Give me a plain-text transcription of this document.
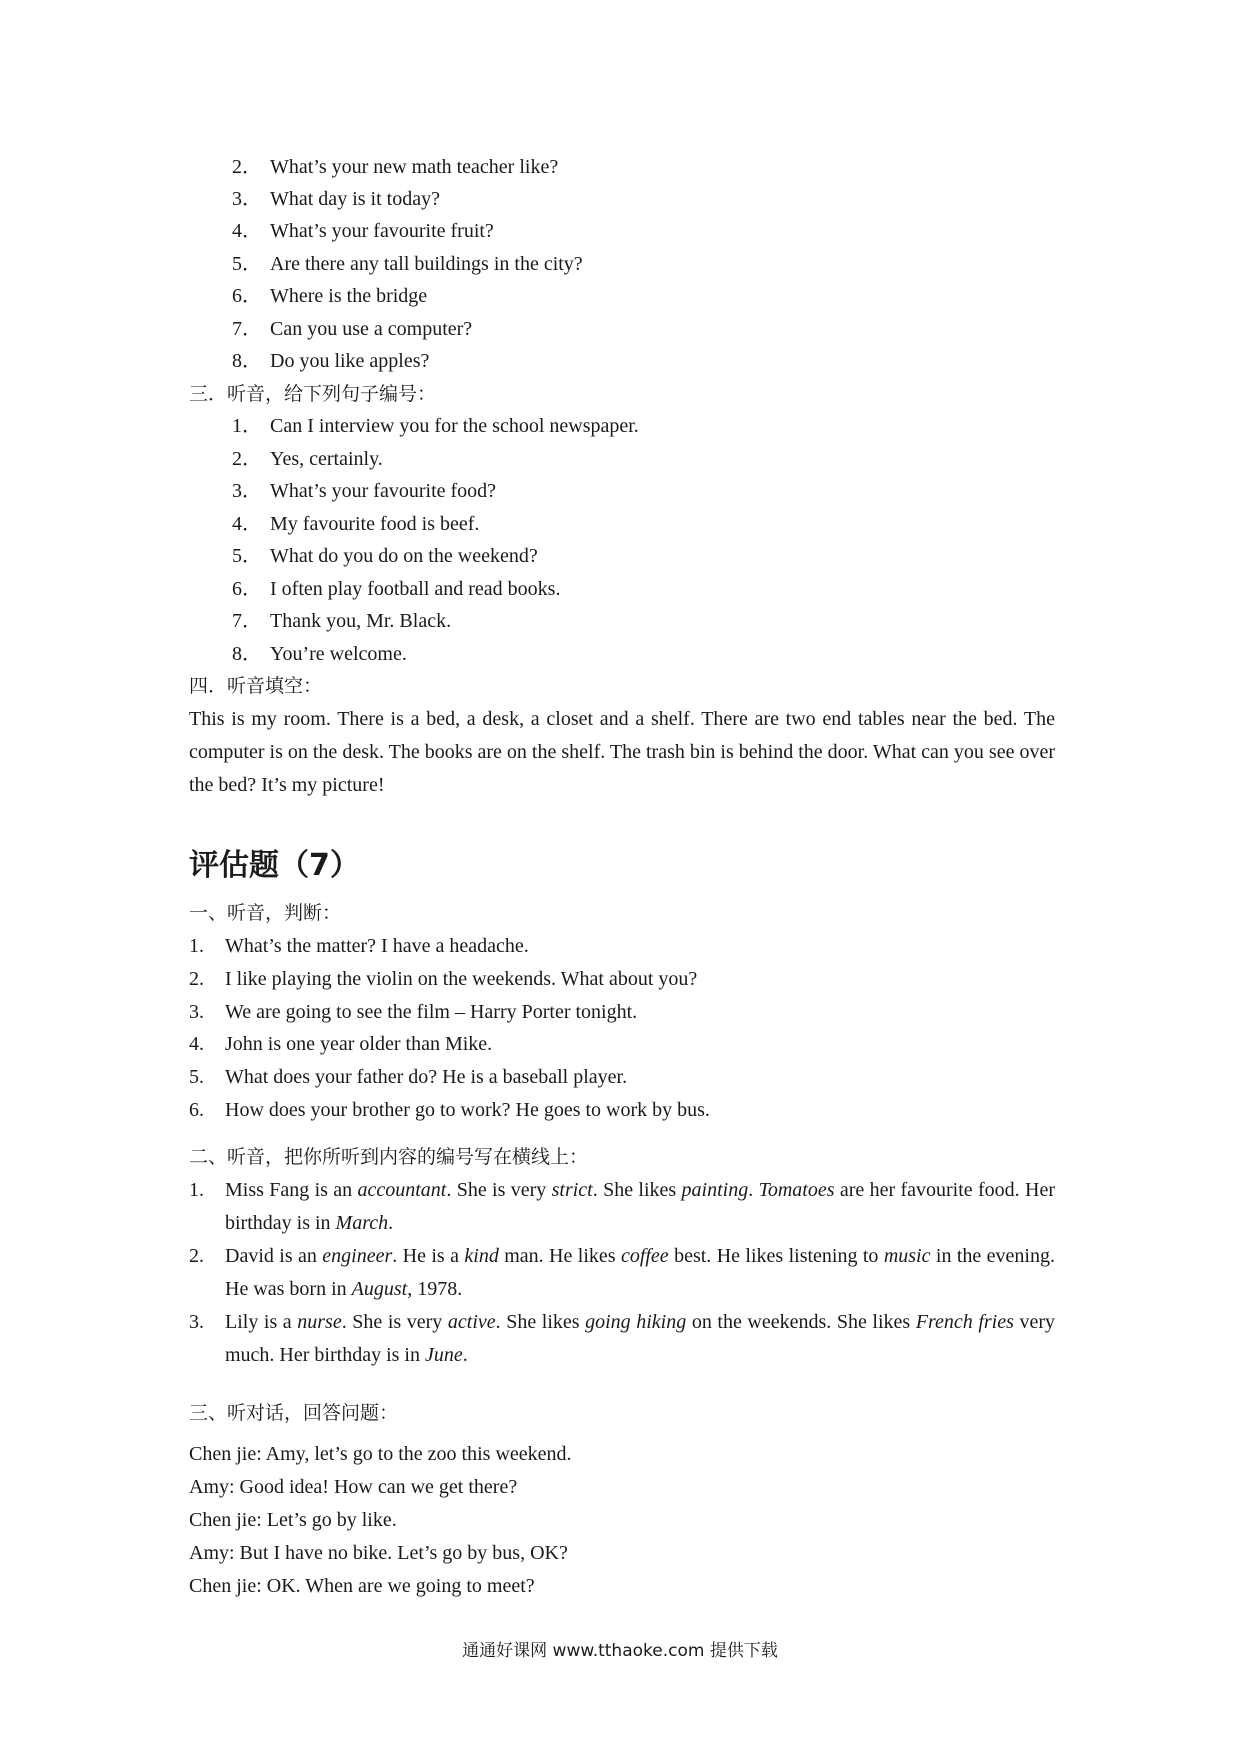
2． What’s your new math teacher like?
3． What day is it today?
4． What’s your favourite fruit?
5． Are there any tall buildings in the city?
6． Where is the bridge
7． Can you use a computer?
8． Do you like apples?
三．听音，给下列句子编号：
1． Can I interview you for the school newspaper.
2． Yes, certainly.
3． What’s your favourite food?
4． My favourite food is beef.
5． What do you do on the weekend?
6． I often play football and read books.
7． Thank you, Mr. Black.
8． You’re welcome.
四．听音填空：
This is my room. There is a bed, a desk, a closet and a shelf. There are two end tables near the bed. The computer is on the desk. The books are on the shelf. The trash bin is behind the door. What can you see over the bed? It’s my picture!
评估题（7）
一、听音，判断：
1. What’s the matter? I have a headache.
2. I like playing the violin on the weekends. What about you?
3. We are going to see the film – Harry Porter tonight.
4. John is one year older than Mike.
5. What does your father do? He is a baseball player.
6. How does your brother go to work? He goes to work by bus.
二、听音，把你所听到内容的编号写在横线上：
1. Miss Fang is an accountant. She is very strict. She likes painting. Tomatoes are her favourite food. Her birthday is in March.
2. David is an engineer. He is a kind man. He likes coffee best. He likes listening to music in the evening. He was born in August, 1978.
3. Lily is a nurse. She is very active. She likes going hiking on the weekends. She likes French fries very much. Her birthday is in June.
三、听对话，回答问题：
Chen jie: Amy, let’s go to the zoo this weekend.
Amy: Good idea! How can we get there?
Chen jie: Let’s go by like.
Amy: But I have no bike. Let’s go by bus, OK?
Chen jie: OK. When are we going to meet?
通通好课网 www.tthaoke.com 提供下载
